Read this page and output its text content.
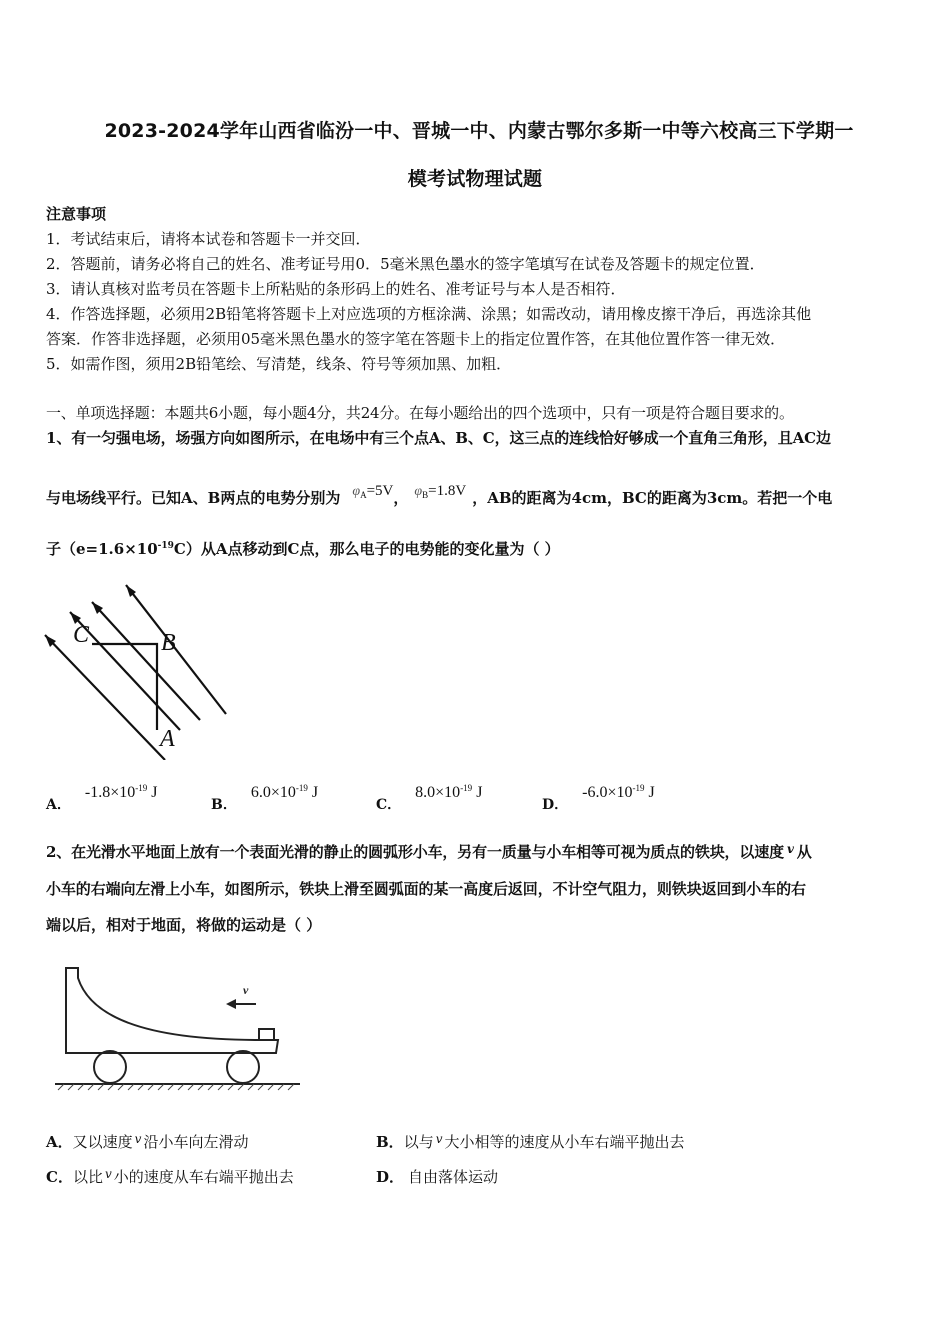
2023-2024学年山西省临汾一中、晋城一中、内蒙古鄂尔多斯一中等六校高三下学期一
模考试物理试题
注意事项
1．考试结束后，请将本试卷和答题卡一并交回．
2．答题前，请务必将自己的姓名、准考证号用0．5毫米黑色墨水的签字笔填写在试卷及答题卡的规定位置．
3．请认真核对监考员在答题卡上所粘贴的条形码上的姓名、准考证号与本人是否相符．
4．作答选择题，必须用2B铅笔将答题卡上对应选项的方框涂满、涂黑；如需改动，请用橡皮擦干净后，再选涂其他
答案．作答非选择题，必须用05毫米黑色墨水的签字笔在答题卡上的指定位置作答，在其他位置作答一律无效．
5．如需作图，须用2B铅笔绘、写清楚，线条、符号等须加黑、加粗．
一、单项选择题：本题共6小题，每小题4分，共24分。在每小题给出的四个选项中，只有一项是符合题目要求的。
1、有一匀强电场，场强方向如图所示，在电场中有三个点A、B、C，这三点的连线恰好够成一个直角三角形，且AC边
与电场线平行。已知A、B两点的电势分别为 $\varphi_A=5V$， $\varphi_B=1.8V$ ，AB的距离为4cm，BC的距离为3cm。若把一个电
子$(e=1.6\times 10^{-19}C)$从A点移动到C点，那么电子的电势能的变化量为（ ）
C	B
A
A．$-1.8\times 10^{-19}$ J
B．$6.0\times 10^{-19}$ J
C．$8.0\times 10^{-19}$ J
D．$-6.0\times 10^{-19}$ J
2、在光滑水平地面上放有一个表面光滑的静止的圆弧形小车，另有一质量与小车相等可视为质点的铁块，以速度 $^v$ 从
小车的右端向左滑上小车，如图所示，铁块上滑至圆弧面的某一高度后返回，不计空气阻力，则铁块返回到小车的右
端以后，相对于地面，将做的运动是（ ）
v
A．又以速度 $^v$ 沿小车向左滑动	B．以与 $^v$ 大小相等的速度从小车右端平抛出去
C．以比 $^v$ 小的速度从车右端平抛出去	D． 自由落体运动
